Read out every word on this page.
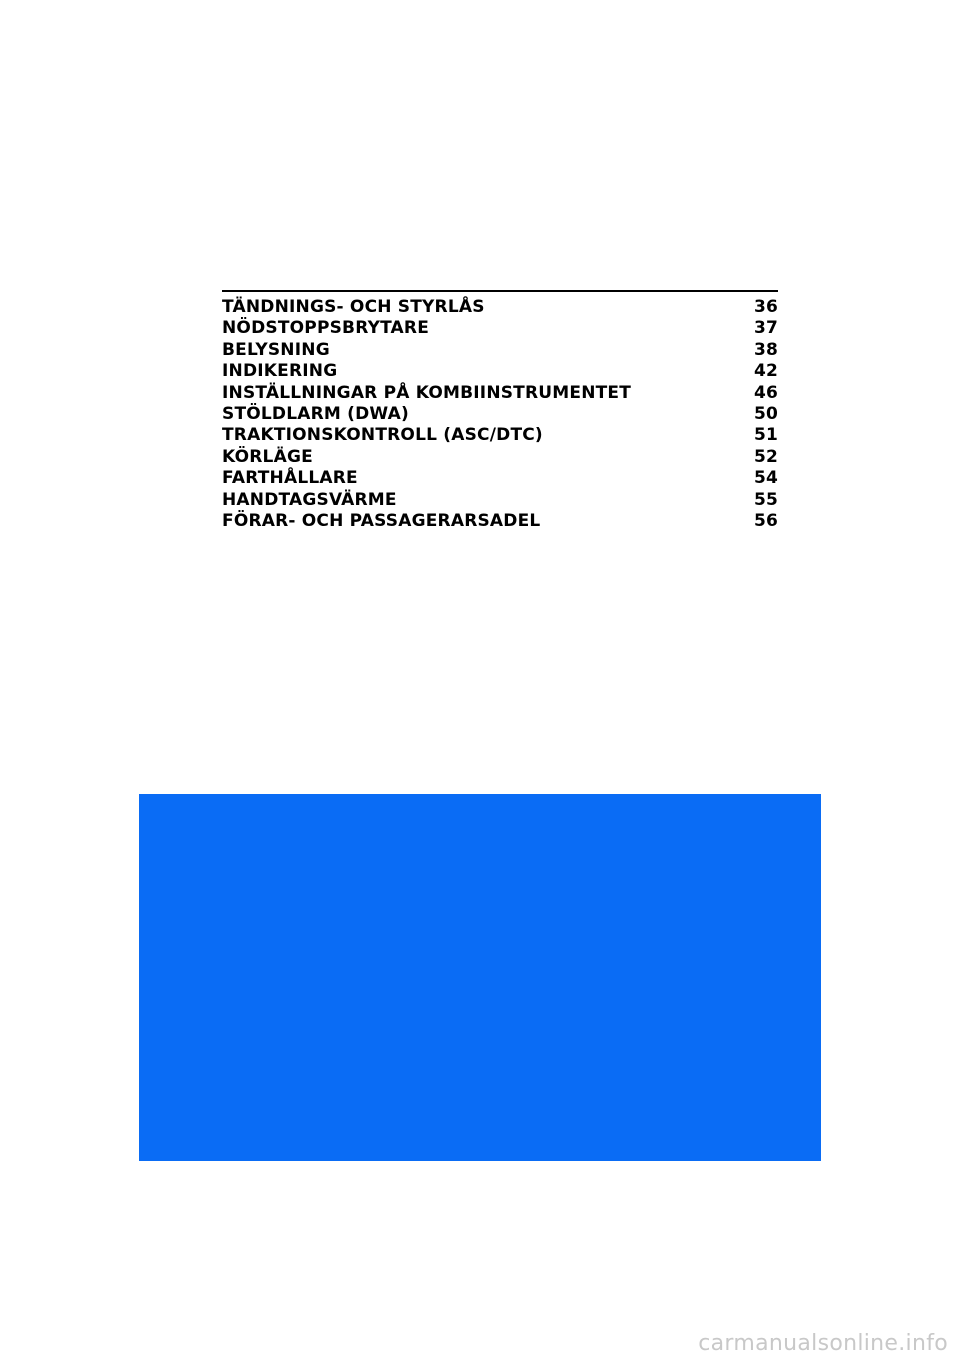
TÄNDNINGS- OCH STYRLÅS	36
NÖDSTOPPSBRYTARE	37
BELYSNING	38
INDIKERING	42
INSTÄLLNINGAR PÅ KOMBIINSTRUMENTET	46
STÖLDLARM (DWA)	50
TRAKTIONSKONTROLL (ASC/DTC)	51
KÖRLÄGE	52
FARTHÅLLARE	54
HANDTAGSVÄRME	55
FÖRAR- OCH PASSAGERARSADEL	56
carmanualsonline.info
